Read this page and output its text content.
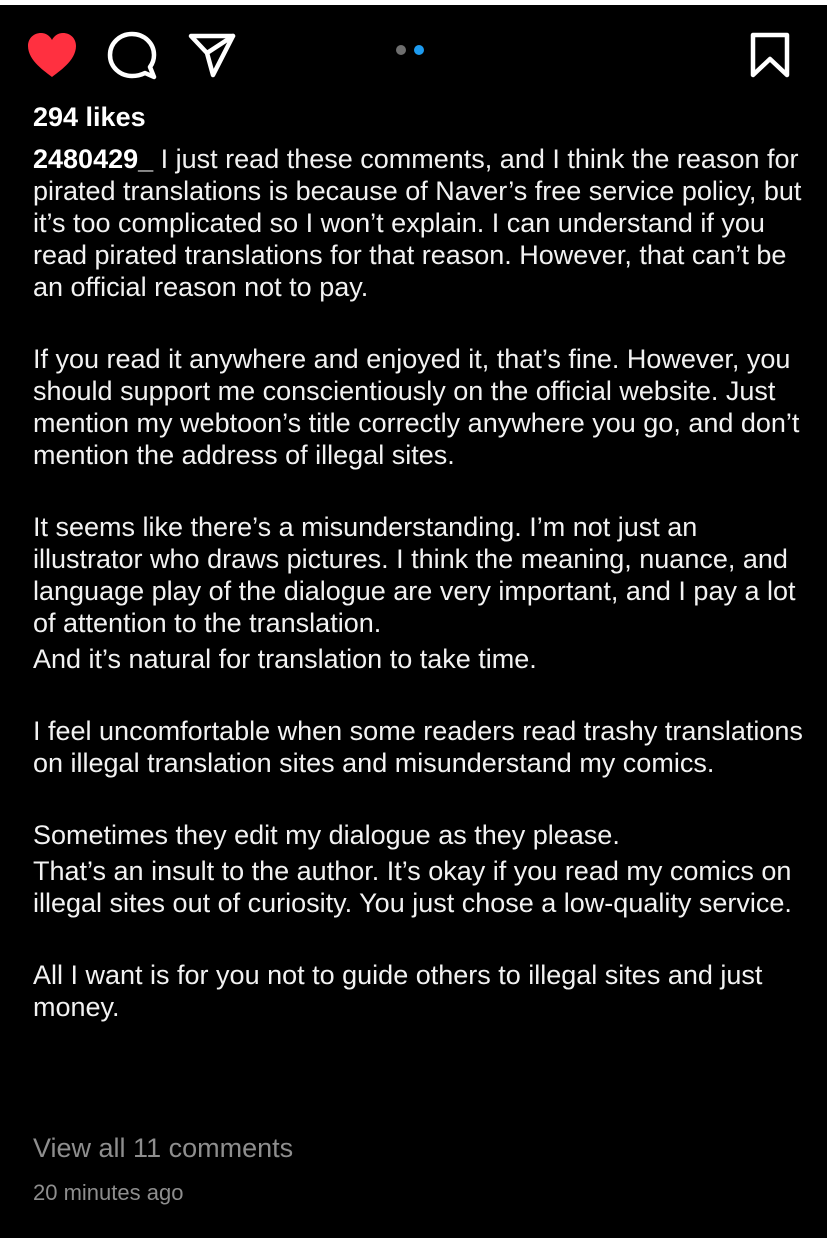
294 likes

2480429_ I just read these comments, and I think the reason for pirated translations is because of Naver’s free service policy, but it’s too complicated so I won’t explain. I can understand if you read pirated translations for that reason. However, that can’t be an official reason not to pay.

If you read it anywhere and enjoyed it, that’s fine. However, you should support me conscientiously on the official website. Just mention my webtoon’s title correctly anywhere you go, and don’t mention the address of illegal sites.

It seems like there’s a misunderstanding. I’m not just an illustrator who draws pictures. I think the meaning, nuance, and language play of the dialogue are very important, and I pay a lot of attention to the translation.

And it’s natural for translation to take time.

I feel uncomfortable when some readers read trashy translations on illegal translation sites and misunderstand my comics.

Sometimes they edit my dialogue as they please.

That’s an insult to the author. It’s okay if you read my comics on illegal sites out of curiosity. You just chose a low-quality service.

All I want is for you not to guide others to illegal sites and just money.

View all 11 comments
20 minutes ago
